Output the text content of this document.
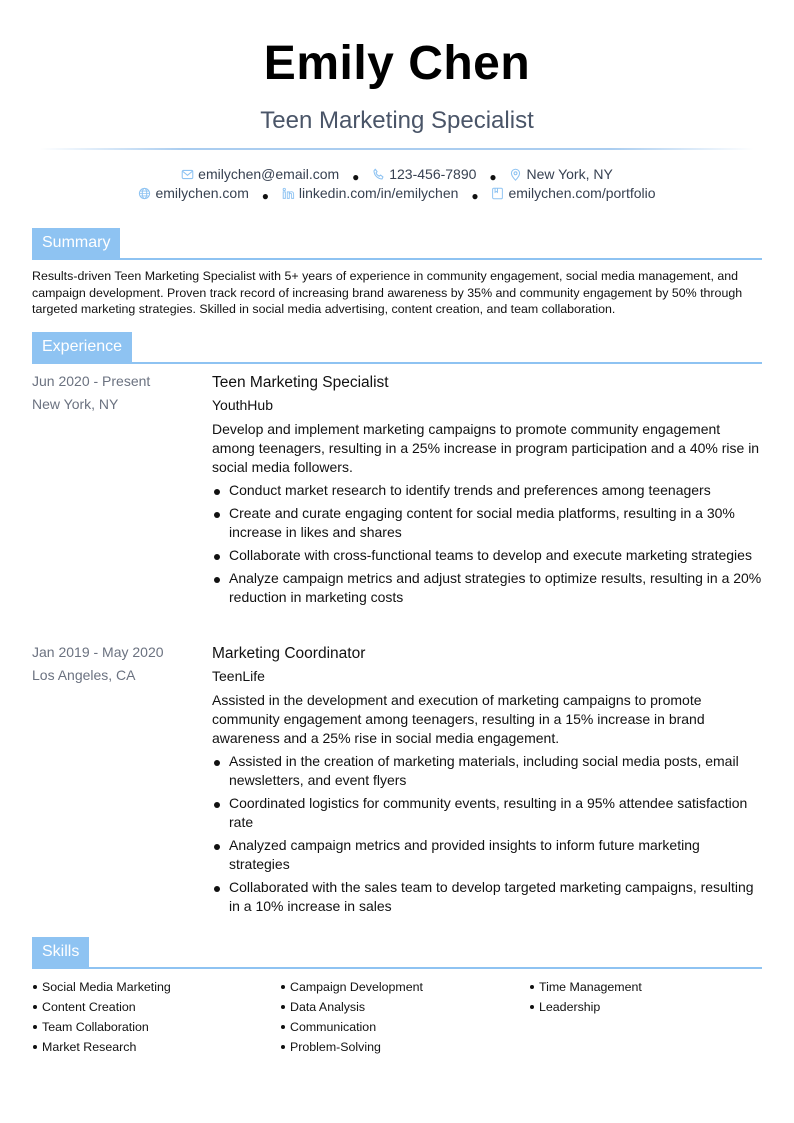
Emily Chen
Teen Marketing Specialist
emilychen@email.com ● 123-456-7890 ● New York, NY
emilychen.com ● linkedin.com/in/emilychen ● emilychen.com/portfolio
Summary
Results-driven Teen Marketing Specialist with 5+ years of experience in community engagement, social media management, and campaign development. Proven track record of increasing brand awareness by 35% and community engagement by 50% through targeted marketing strategies. Skilled in social media advertising, content creation, and team collaboration.
Experience
Jun 2020 - Present
New York, NY
Teen Marketing Specialist
YouthHub
Develop and implement marketing campaigns to promote community engagement among teenagers, resulting in a 25% increase in program participation and a 40% rise in social media followers.
Conduct market research to identify trends and preferences among teenagers
Create and curate engaging content for social media platforms, resulting in a 30% increase in likes and shares
Collaborate with cross-functional teams to develop and execute marketing strategies
Analyze campaign metrics and adjust strategies to optimize results, resulting in a 20% reduction in marketing costs
Jan 2019 - May 2020
Los Angeles, CA
Marketing Coordinator
TeenLife
Assisted in the development and execution of marketing campaigns to promote community engagement among teenagers, resulting in a 15% increase in brand awareness and a 25% rise in social media engagement.
Assisted in the creation of marketing materials, including social media posts, email newsletters, and event flyers
Coordinated logistics for community events, resulting in a 95% attendee satisfaction rate
Analyzed campaign metrics and provided insights to inform future marketing strategies
Collaborated with the sales team to develop targeted marketing campaigns, resulting in a 10% increase in sales
Skills
Social Media Marketing
Content Creation
Team Collaboration
Market Research
Campaign Development
Data Analysis
Communication
Problem-Solving
Time Management
Leadership
